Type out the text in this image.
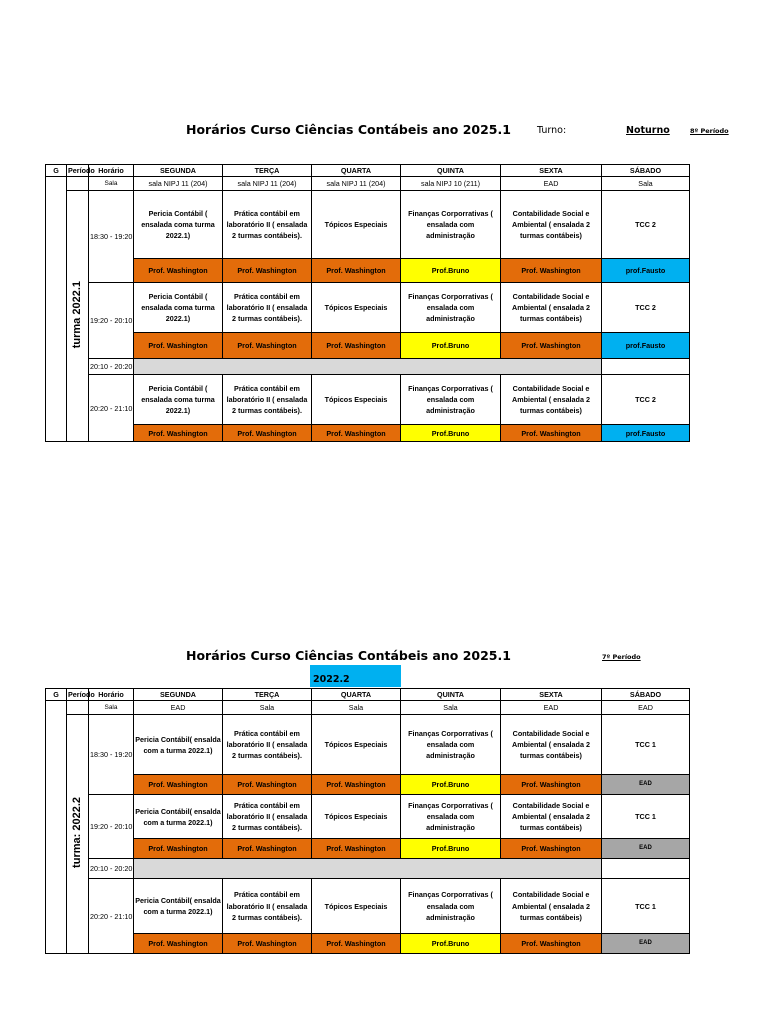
Horários Curso Ciências Contábeis ano 2025.1	Turno:	Noturno	8º Período
G	Período	Horário	SEGUNDA	TERÇA	QUARTA	QUINTA	SEXTA	SÁBADO
		Sala	sala NIPJ 11 (204)	sala NIPJ 11 (204)	sala NIPJ 11 (204)	sala NIPJ 10 (211)	EAD	Sala
	turma 2022.1	18:30 - 19:20	Pericia Contábil ( ensalada coma turma 2022.1)	Prática contábil em laboratório II ( ensalada 2 turmas contábeis).	Tópicos Especiais	Finanças Corporrativas ( ensalada com administração	Contabilidade Social e Ambiental ( ensalada 2 turmas contábeis)	TCC 2
			Prof. Washington	Prof. Washington	Prof. Washington	Prof.Bruno	Prof. Washington	prof.Fausto
		19:20 - 20:10	Pericia Contábil ( ensalada coma turma 2022.1)	Prática contábil em laboratório II ( ensalada 2 turmas contábeis).	Tópicos Especiais	Finanças Corporrativas ( ensalada com administração	Contabilidade Social e Ambiental ( ensalada 2 turmas contábeis)	TCC 2
			Prof. Washington	Prof. Washington	Prof. Washington	Prof.Bruno	Prof. Washington	prof.Fausto
		20:10 - 20:20						
		20:20 - 21:10	Pericia Contábil ( ensalada coma turma 2022.1)	Prática contábil em laboratório II ( ensalada 2 turmas contábeis).	Tópicos Especiais	Finanças Corporrativas ( ensalada com administração	Contabilidade Social e Ambiental ( ensalada 2 turmas contábeis)	TCC 2
			Prof. Washington	Prof. Washington	Prof. Washington	Prof.Bruno	Prof. Washington	prof.Fausto
Horários Curso Ciências Contábeis ano 2025.1	7º Período
2022.2
G	Período	Horário	SEGUNDA	TERÇA	QUARTA	QUINTA	SEXTA	SÁBADO
		Sala	EAD	Sala	Sala	Sala	EAD	EAD
	turma: 2022.2	18:30 - 19:20	Pericia Contábil( ensalda com a turma 2022.1)	Prática contábil em laboratório II ( ensalada 2 turmas contábeis).	Tópicos Especiais	Finanças Corporrativas ( ensalada com administração	Contabilidade Social e Ambiental ( ensalada 2 turmas contábeis)	TCC 1
			Prof. Washington	Prof. Washington	Prof. Washington	Prof.Bruno	Prof. Washington	EAD
		19:20 - 20:10	Pericia Contábil( ensalda com a turma 2022.1)	Prática contábil em laboratório II ( ensalada 2 turmas contábeis).	Tópicos Especiais	Finanças Corporrativas ( ensalada com administração	Contabilidade Social e Ambiental ( ensalada 2 turmas contábeis)	TCC 1
			Prof. Washington	Prof. Washington	Prof. Washington	Prof.Bruno	Prof. Washington	EAD
		20:10 - 20:20						
		20:20 - 21:10	Pericia Contábil( ensalda com a turma 2022.1)	Prática contábil em laboratório II ( ensalada 2 turmas contábeis).	Tópicos Especiais	Finanças Corporrativas ( ensalada com administração	Contabilidade Social e Ambiental ( ensalada 2 turmas contábeis)	TCC 1
			Prof. Washington	Prof. Washington	Prof. Washington	Prof.Bruno	Prof. Washington	EAD
